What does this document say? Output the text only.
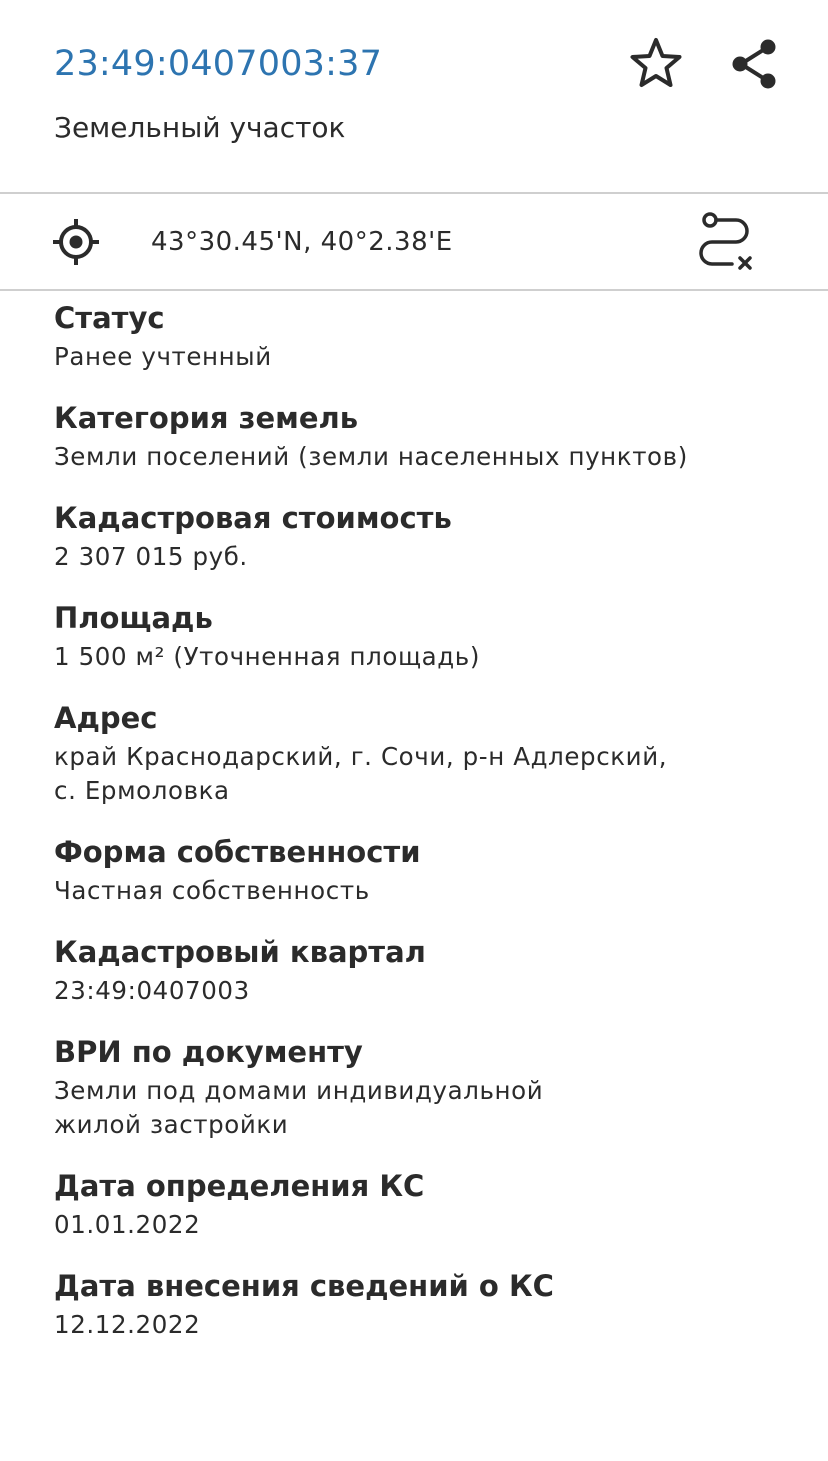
23:49:0407003:37
Земельный участок
43°30.45'N, 40°2.38'E
Статус
Ранее учтенный
Категория земель
Земли поселений (земли населенных пунктов)
Кадастровая стоимость
2 307 015 руб.
Площадь
1 500 м² (Уточненная площадь)
Адрес
край Краснодарский, г. Сочи, р-н Адлерский,
с. Ермоловка
Форма собственности
Частная собственность
Кадастровый квартал
23:49:0407003
ВРИ по документу
Земли под домами индивидуальной
жилой застройки
Дата определения КС
01.01.2022
Дата внесения сведений о КС
12.12.2022
